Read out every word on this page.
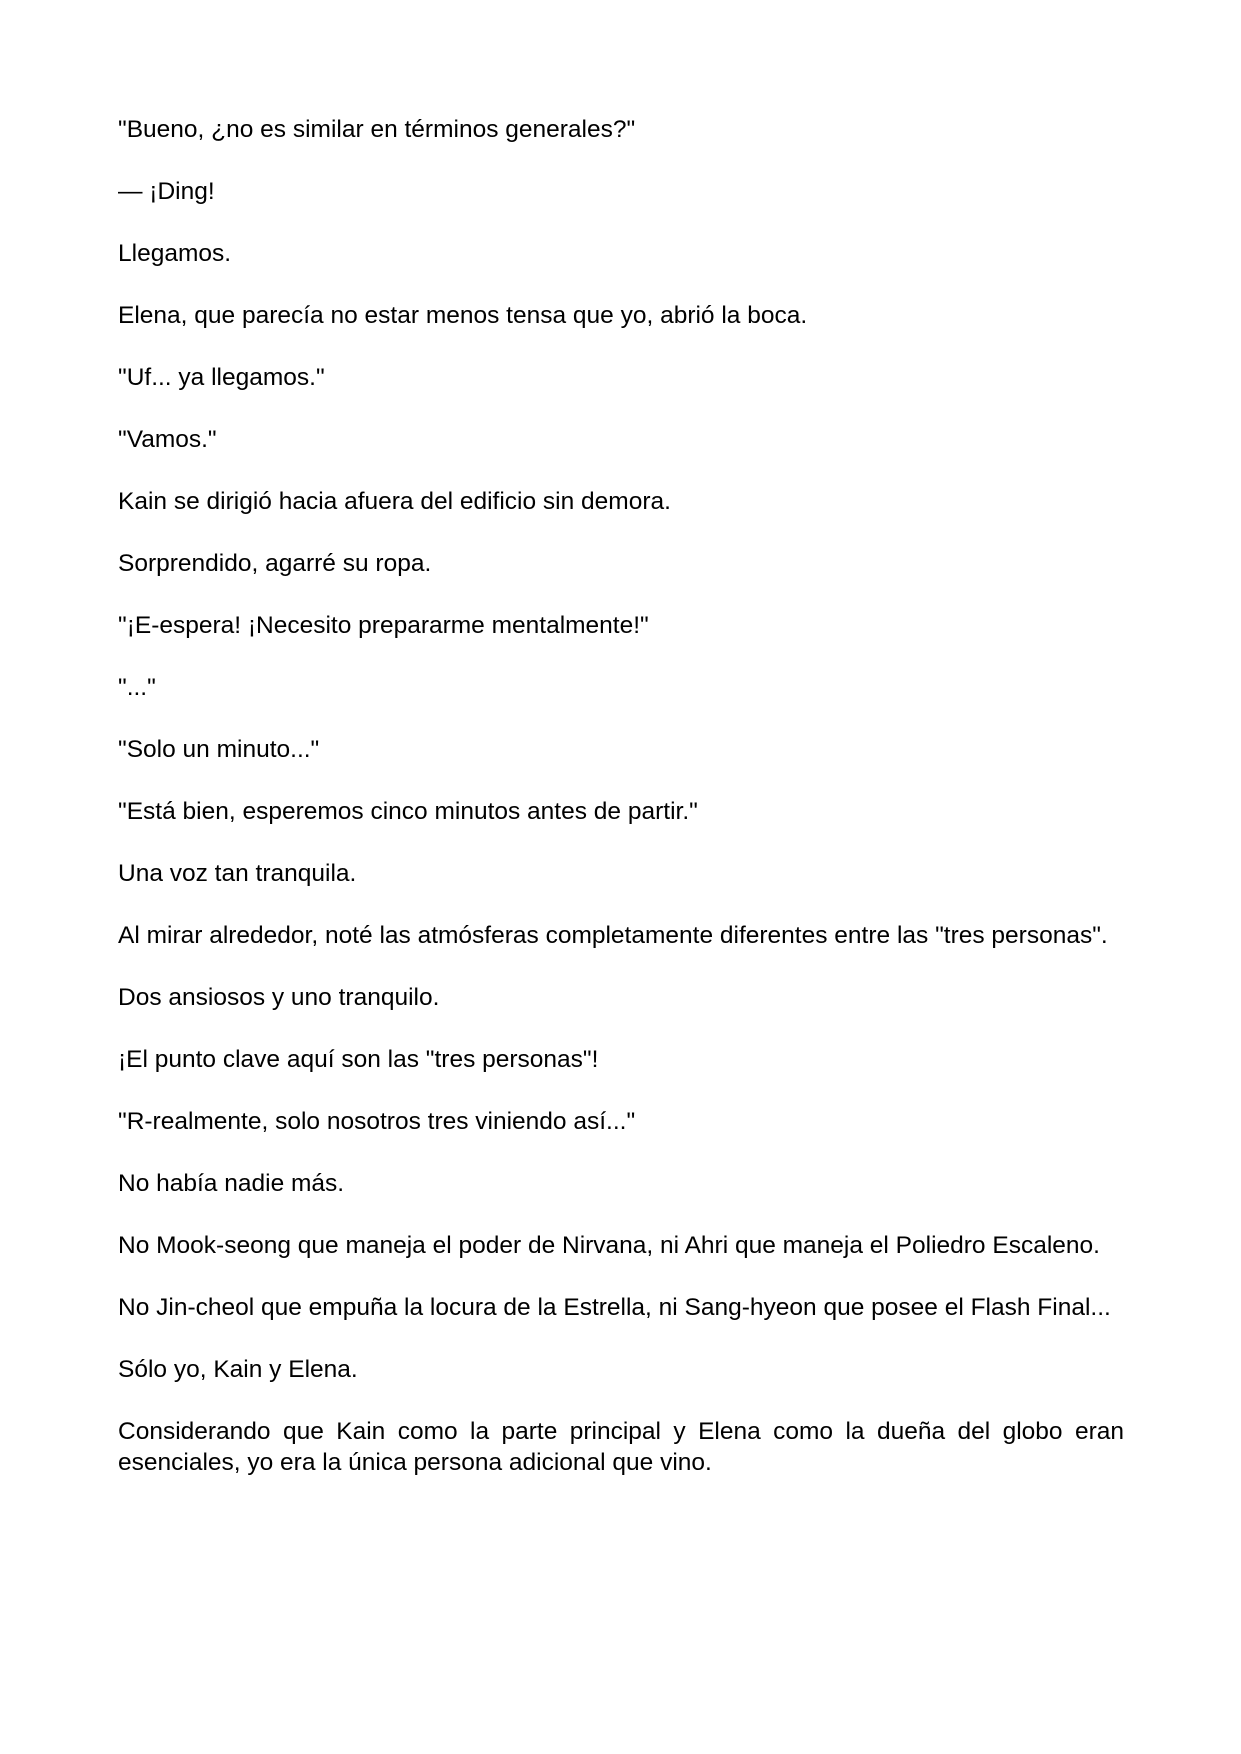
"Bueno, ¿no es similar en términos generales?"

— ¡Ding!

Llegamos.

Elena, que parecía no estar menos tensa que yo, abrió la boca.

"Uf... ya llegamos."

"Vamos."

Kain se dirigió hacia afuera del edificio sin demora.

Sorprendido, agarré su ropa.

"¡E-espera! ¡Necesito prepararme mentalmente!"

"..."

"Solo un minuto..."

"Está bien, esperemos cinco minutos antes de partir."

Una voz tan tranquila.

Al mirar alrededor, noté las atmósferas completamente diferentes entre las "tres personas".

Dos ansiosos y uno tranquilo.

¡El punto clave aquí son las "tres personas"!

"R-realmente, solo nosotros tres viniendo así..."

No había nadie más.

No Mook-seong que maneja el poder de Nirvana, ni Ahri que maneja el Poliedro Escaleno.

No Jin-cheol que empuña la locura de la Estrella, ni Sang-hyeon que posee el Flash Final...

Sólo yo, Kain y Elena.

Considerando que Kain como la parte principal y Elena como la dueña del globo eran esenciales, yo era la única persona adicional que vino.
